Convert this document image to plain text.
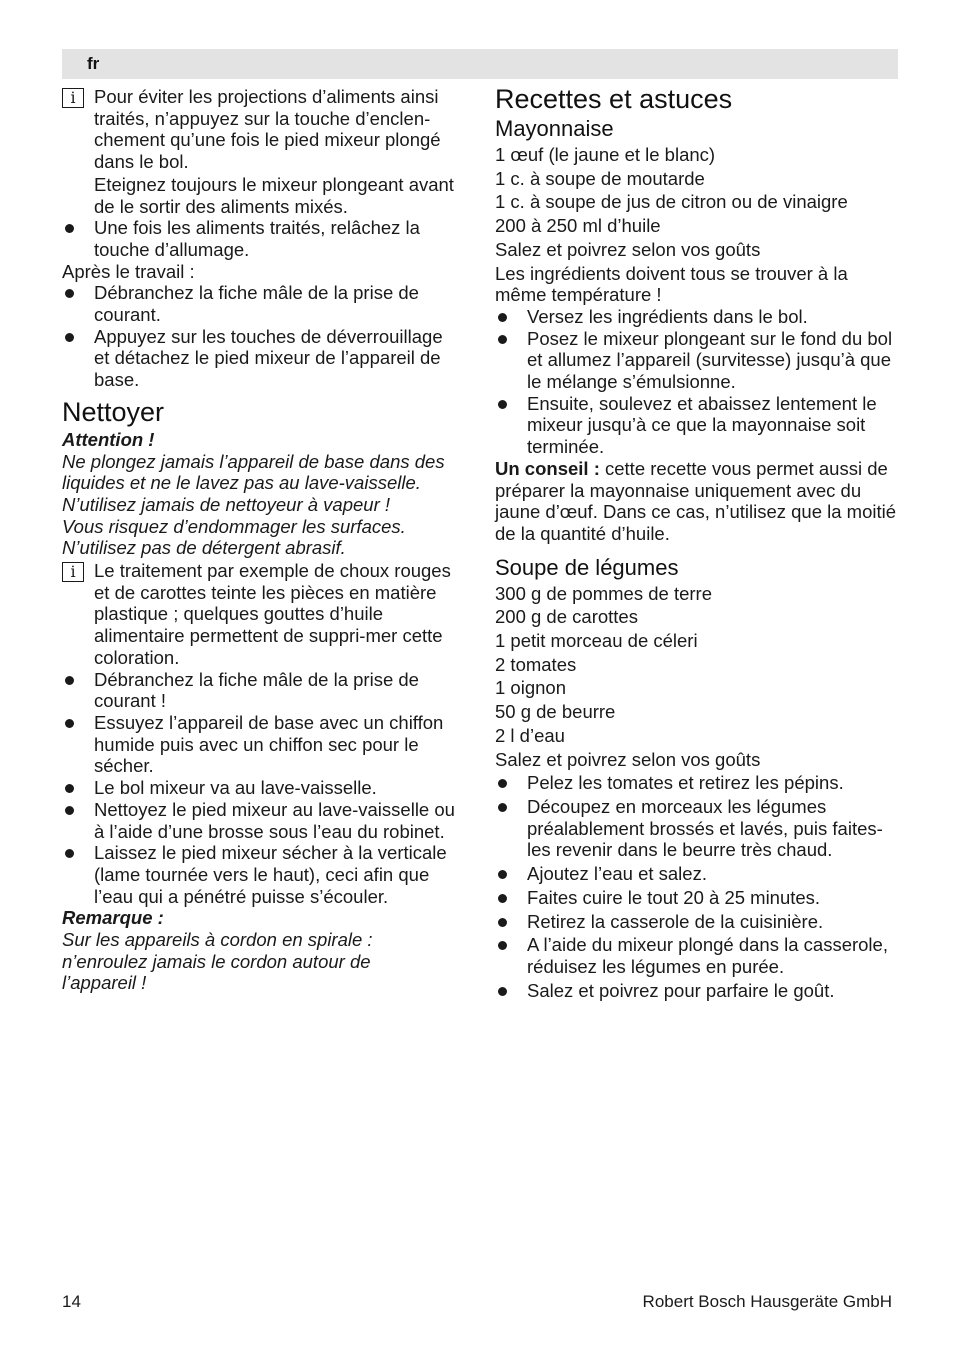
fr
i Pour éviter les projections d’aliments ainsi traités, n’appuyez sur la touche d’enclen-chement qu’une fois le pied mixeur plongé dans le bol.
Eteignez toujours le mixeur plongeant avant de le sortir des aliments mixés.
Une fois les aliments traités, relâchez la touche d’allumage.
Après le travail :
Débranchez la fiche mâle de la prise de courant.
Appuyez sur les touches de déverrouillage et détachez le pied mixeur de l’appareil de base.
Nettoyer
Attention !
Ne plongez jamais l’appareil de base dans des liquides et ne le lavez pas au lave-vaisselle.
N’utilisez jamais de nettoyeur à vapeur !
Vous risquez d’endommager les surfaces.
N’utilisez pas de détergent abrasif.
i Le traitement par exemple de choux rouges et de carottes teinte les pièces en matière plastique ; quelques gouttes d’huile alimentaire permettent de suppri-mer cette coloration.
Débranchez la fiche mâle de la prise de courant !
Essuyez l’appareil de base avec un chiffon humide puis avec un chiffon sec pour le sécher.
Le bol mixeur va au lave-vaisselle.
Nettoyez le pied mixeur au lave-vaisselle ou à l’aide d’une brosse sous l’eau du robinet.
Laissez le pied mixeur sécher à la verticale (lame tournée vers le haut), ceci afin que l’eau qui a pénétré puisse s’écouler.
Remarque :
Sur les appareils à cordon en spirale : n’enroulez jamais le cordon autour de l’appareil !
Recettes et astuces
Mayonnaise
1 œuf (le jaune et le blanc)
1 c. à soupe de moutarde
1 c. à soupe de jus de citron ou de vinaigre
200 à 250 ml d’huile
Salez et poivrez selon vos goûts
Les ingrédients doivent tous se trouver à la même température !
Versez les ingrédients dans le bol.
Posez le mixeur plongeant sur le fond du bol et allumez l’appareil (survitesse) jusqu’à que le mélange s’émulsionne.
Ensuite, soulevez et abaissez lentement le mixeur jusqu’à ce que la mayonnaise soit terminée.
Un conseil : cette recette vous permet aussi de préparer la mayonnaise uniquement avec du jaune d’œuf. Dans ce cas, n’utilisez que la moitié de la quantité d’huile.
Soupe de légumes
300 g de pommes de terre
200 g de carottes
1 petit morceau de céleri
2 tomates
1 oignon
50 g de beurre
2 l d’eau
Salez et poivrez selon vos goûts
Pelez les tomates et retirez les pépins.
Découpez en morceaux les légumes préalablement brossés et lavés, puis faites-les revenir dans le beurre très chaud.
Ajoutez l’eau et salez.
Faites cuire le tout 20 à 25 minutes.
Retirez la casserole de la cuisinière.
A l’aide du mixeur plongé dans la casserole, réduisez les légumes en purée.
Salez et poivrez pour parfaire le goût.
14	Robert Bosch Hausgeräte GmbH
